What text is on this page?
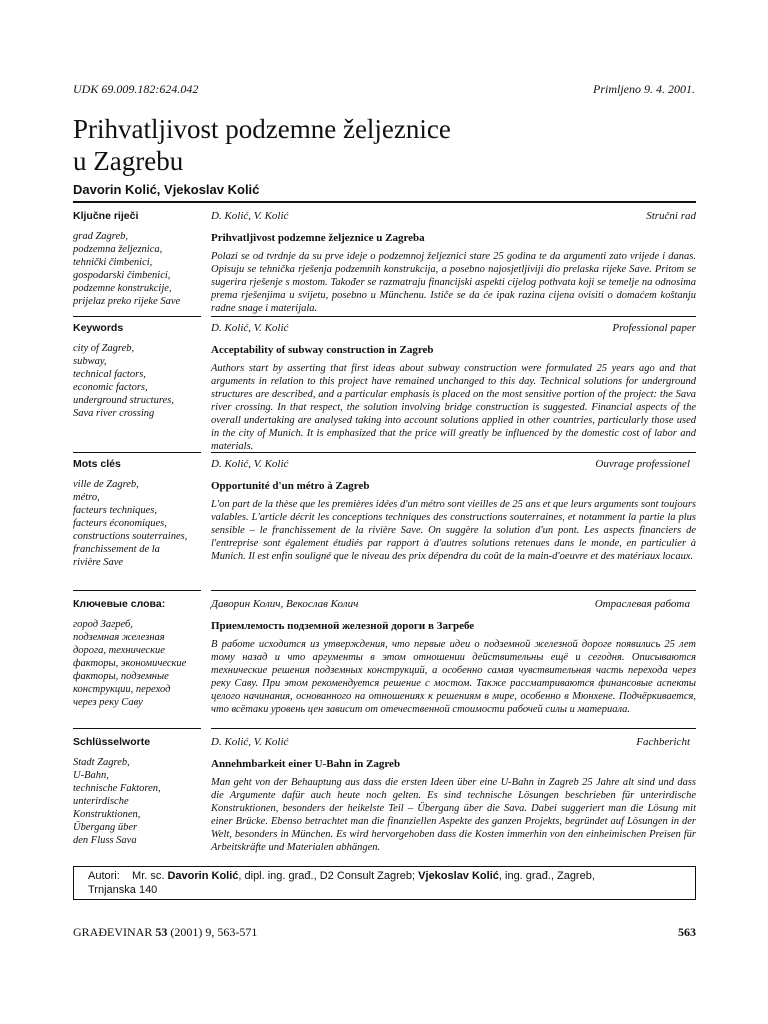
UDK 69.009.182:624.042	Primljeno 9. 4. 2001.
Prihvatljivost podzemne željeznice
u Zagrebu
Davorin Kolić, Vjekoslav Kolić
Ključne riječi
grad Zagreb,
podzemna željeznica,
tehnički čimbenici,
gospodarski čimbenici,
podzemne konstrukcije,
prijelaz preko rijeke Save
D. Kolić, V. Kolić	Stručni rad
Prihvatljivost podzemne željeznice u Zagreba
Polazi se od tvrdnje da su prve ideje o podzemnoj željeznici stare 25 godina te da argumenti zato vrijede i danas. Opisuju se tehnička rješenja podzemnih konstrukcija, a posebno najosjetljiviji dio prelaska rijeke Save. Pritom se sugerira rješenje s mostom. Također se razmatraju financijski aspekti cijelog pothvata koji se temelje na odnosima prema rješenjima u svijetu, posebno u Münchenu. Ističe se da će ipak razina cijena ovisiti o domaćem koštanju radne snage i materijala.
Keywords
city of Zagreb,
subway,
technical factors,
economic factors,
underground structures,
Sava river crossing
D. Kolić, V. Kolić	Professional paper
Acceptability of subway construction in Zagreb
Authors start by asserting that first ideas about subway construction were formulated 25 years ago and that arguments in relation to this project have remained unchanged to this day. Technical solutions for underground structures are described, and a particular emphasis is placed on the most sensitive portion of the project: the Sava river crossing. In that respect, the solution involving bridge construction is suggested. Financial aspects of the overall undertaking are analysed taking into account solutions applied in other countries, particularly those used in the city of Munich. It is emphasized that the price will greatly be influenced by the domestic cost of labor and materials.
Mots clés
ville de Zagreb,
métro,
facteurs techniques,
facteurs économiques,
constructions souterraines,
franchissement de la
rivière Save
D. Kolić, V. Kolić	Ouvrage professionel
Opportunité d'un métro à Zagreb
L'on part de la thèse que les premières idées d'un métro sont vieilles de 25 ans et que leurs arguments sont toujours valables. L'article décrit les conceptions techniques des constructions souterraines, et notamment la partie la plus sensible – le franchissement de la rivière Save. On suggère la solution d'un pont. Les aspects financiers de l'entreprise sont également étudiés par rapport à d'autres solutions retenues dans le monde, en particulier à Munich. Il est enfin souligné que le niveau des prix dépendra du coût de la main-d'oeuvre et des matériaux locaux.
Ключевые слова:
город Загреб,
подземная железная
дорога, технические
факторы, экономические
факторы, подземные
конструкции, переход
через реку Саву
Даворин Колич, Векослав Колич	Отраслевая работа
Приемлемость подземной железной дороги в Загребе
В работе исходится из утверждения, что первые идеи о подземной железной дороге появились 25 лет тому назад и что аргументы в этом отношении действительны ещё и сегодня. Описываются технические решения подземных конструкций, а особенно самая чувствительная часть перехода через реку Саву. При этом рекомендуется решение с мостом. Также рассматриваются финансовые аспекты целого начинания, основанного на отношениях к решениям в мире, особенно в Мюнхене. Подчёркивается, что всётаки уровень цен зависит от отечественной стоимости рабочей силы и материала.
Schlüsselworte
Stadt Zagreb,
U-Bahn,
technische Faktoren,
unterirdische
Konstruktionen,
Übergang über
den Fluss Sava
D. Kolić, V. Kolić	Fachbericht
Annehmbarkeit einer U-Bahn in Zagreb
Man geht von der Behauptung aus dass die ersten Ideen über eine U-Bahn in Zagreb 25 Jahre alt sind und dass die Argumente dafür auch heute noch gelten. Es sind technische Lösungen beschrieben für unterirdische Konstruktionen, besonders der heikelste Teil – Übergang über die Sava. Dabei suggeriert man die Lösung mit einer Brücke. Ebenso betrachtet man die finanziellen Aspekte des ganzen Projekts, begründet auf Lösungen in der Welt, besonders in München. Es wird hervorgehoben dass die Kosten immerhin von den einheimischen Preisen für Arbeitskräfte und Materialen abhängen.
Autori: Mr. sc. Davorin Kolić, dipl. ing. građ., D2 Consult Zagreb; Vjekoslav Kolić, ing. građ., Zagreb,
Trnjanska 140
GRAĐEVINAR 53 (2001) 9, 563-571	563
